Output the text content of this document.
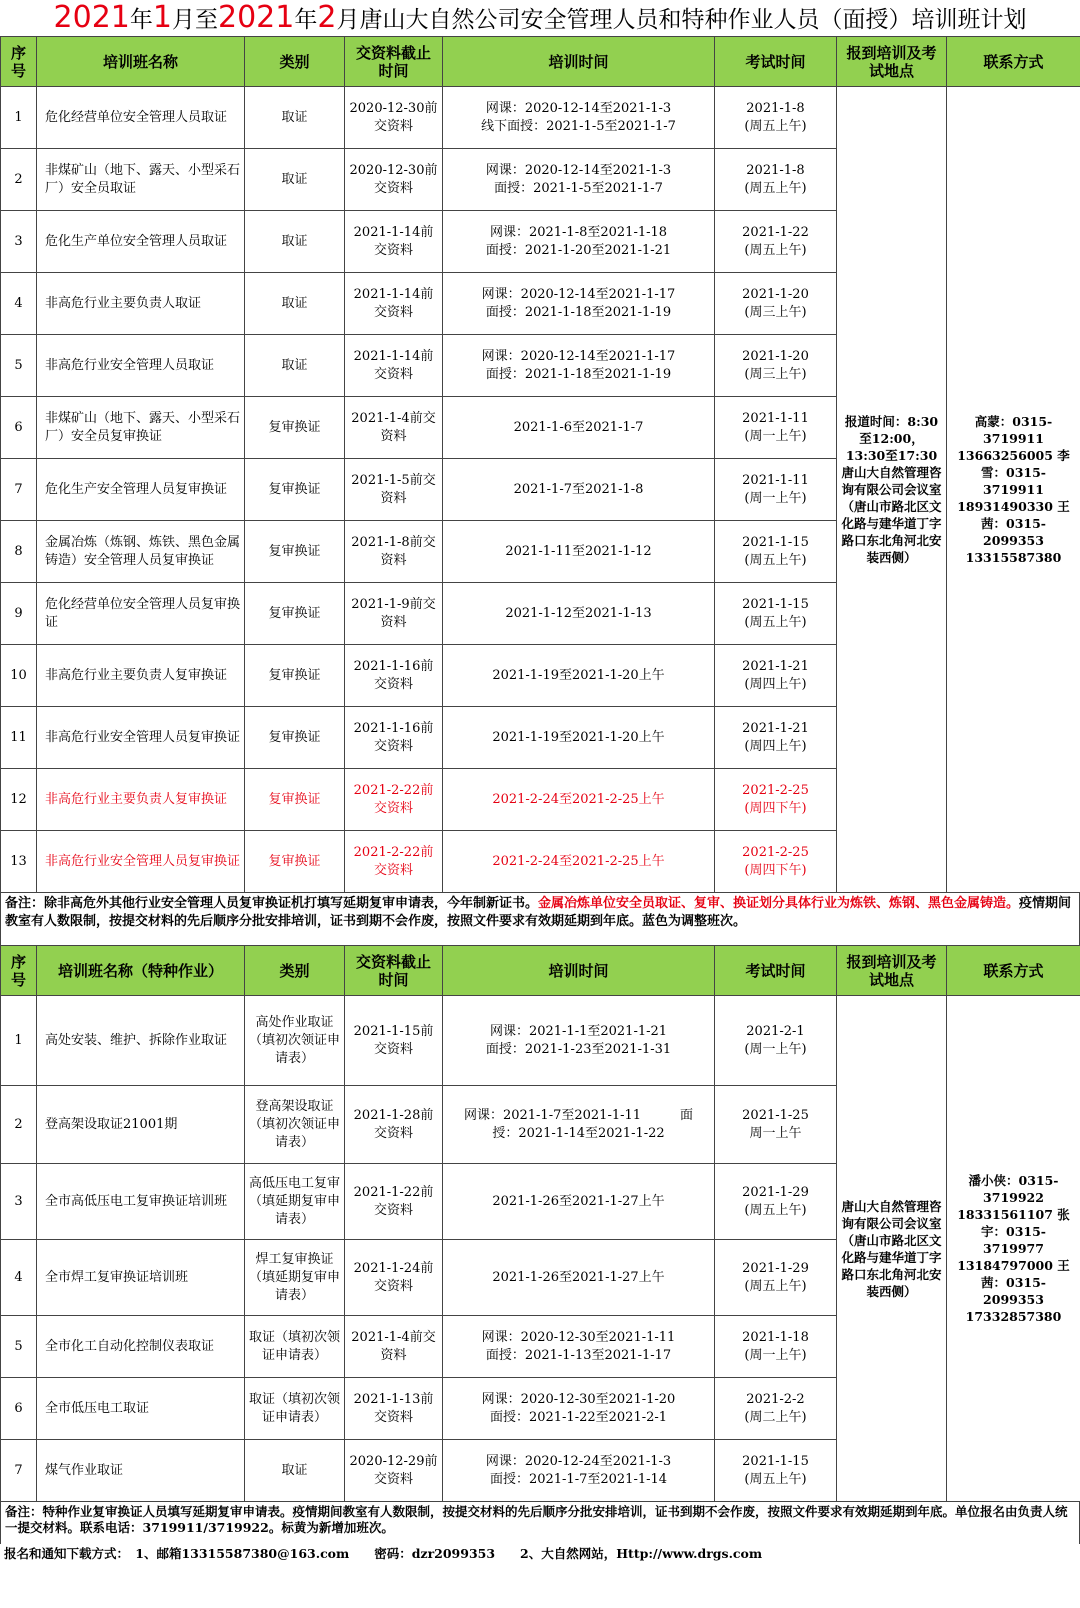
2021年1月至2021年2月唐山大自然公司安全管理人员和特种作业人员（面授）培训班计划
序号	培训班名称	类别	交资料截止时间	培训时间	考试时间	报到培训及考试地点	联系方式
1	危化经营单位安全管理人员取证	取证	2020-12-30前交资料	网课：2020-12-14至2021-1-3
线下面授：2021-1-5至2021-1-7	2021-1-8
(周五上午)	报道时间：8:30至12:00，13:30至17:30 唐山大自然管理咨询有限公司会议室（唐山市路北区文化路与建华道丁字路口东北角河北安装西侧）	高蒙：0315-3719911 13663256005 李雪：0315-3719911 18931490330 王茜：0315-2099353 13315587380
2	非煤矿山（地下、露天、小型采石厂）安全员取证	取证	2020-12-30前交资料	网课：2020-12-14至2021-1-3
面授：2021-1-5至2021-1-7	2021-1-8
(周五上午)		

3	危化生产单位安全管理人员取证	取证	2021-1-14前交资料	网课：2021-1-8至2021-1-18
面授：2021-1-20至2021-1-21	2021-1-22
(周五上午)		

4	非高危行业主要负责人取证	取证	2021-1-14前交资料	网课：2020-12-14至2021-1-17
面授：2021-1-18至2021-1-19	2021-1-20
(周三上午)		

5	非高危行业安全管理人员取证	取证	2021-1-14前交资料	网课：2020-12-14至2021-1-17
面授：2021-1-18至2021-1-19	2021-1-20
(周三上午)		

6	非煤矿山（地下、露天、小型采石厂）安全员复审换证	复审换证	2021-1-4前交资料	2021-1-6至2021-1-7	2021-1-11
(周一上午)		

7	危化生产安全管理人员复审换证	复审换证	2021-1-5前交资料	2021-1-7至2021-1-8	2021-1-11
(周一上午)		

8	金属冶炼（炼钢、炼铁、黑色金属铸造）安全管理人员复审换证	复审换证	2021-1-8前交资料	2021-1-11至2021-1-12	2021-1-15
(周五上午)		

9	危化经营单位安全管理人员复审换证	复审换证	2021-1-9前交资料	2021-1-12至2021-1-13	2021-1-15
(周五上午)		

10	非高危行业主要负责人复审换证	复审换证	2021-1-16前交资料	2021-1-19至2021-1-20上午	2021-1-21
(周四上午)		

11	非高危行业安全管理人员复审换证	复审换证	2021-1-16前交资料	2021-1-19至2021-1-20上午	2021-1-21
(周四上午)		

12	非高危行业主要负责人复审换证	复审换证	2021-2-22前交资料	2021-2-24至2021-2-25上午	2021-2-25
(周四下午)		

13	非高危行业安全管理人员复审换证	复审换证	2021-2-22前交资料	2021-2-24至2021-2-25上午	2021-2-25
(周四下午)		
备注：除非高危外其他行业安全管理人员复审换证机打填写延期复审申请表，今年制新证书。金属冶炼单位安全员取证、复审、换证划分具体行业为炼铁、炼钢、黑色金属铸造。疫情期间教室有人数限制，按提交材料的先后顺序分批安排培训，证书到期不会作废，按照文件要求有效期延期到年底。蓝色为调整班次。
序号	培训班名称（特种作业）	类别	交资料截止时间	培训时间	考试时间	报到培训及考试地点	联系方式
1	高处安装、维护、拆除作业取证	高处作业取证（填初次领证申请表）	2021-1-15前交资料	网课：2021-1-1至2021-1-21
面授：2021-1-23至2021-1-31	2021-2-1
(周一上午)	唐山大自然管理咨询有限公司会议室（唐山市路北区文化路与建华道丁字路口东北角河北安装西侧）	潘小侠：0315-3719922 18331561107 张宇：0315-3719977 13184797000 王茜：0315-2099353 17332857380
2	登高架设取证21001期	登高架设取证（填初次领证申请表）	2021-1-28前交资料	网课：2021-1-7至2021-1-11　　　面
授：2021-1-14至2021-1-22	2021-1-25
周一上午		

3	全市高低压电工复审换证培训班	高低压电工复审（填延期复审申请表）	2021-1-22前交资料	2021-1-26至2021-1-27上午	2021-1-29
(周五上午)		

4	全市焊工复审换证培训班	焊工复审换证（填延期复审申请表）	2021-1-24前交资料	2021-1-26至2021-1-27上午	2021-1-29
(周五上午)		

5	全市化工自动化控制仪表取证	取证（填初次领证申请表）	2021-1-4前交资料	网课：2020-12-30至2021-1-11
面授：2021-1-13至2021-1-17	2021-1-18
(周一上午)		

6	全市低压电工取证	取证（填初次领证申请表）	2021-1-13前交资料	网课：2020-12-30至2021-1-20
面授：2021-1-22至2021-2-1	2021-2-2
(周二上午)		

7	煤气作业取证	取证	2020-12-29前交资料	网课：2020-12-24至2021-1-3
面授：2021-1-7至2021-1-14	2021-1-15
(周五上午)		
备注：特种作业复审换证人员填写延期复审申请表。疫情期间教室有人数限制，按提交材料的先后顺序分批安排培训，证书到期不会作废，按照文件要求有效期延期到年底。单位报名由负责人统一提交材料。联系电话：3719911/3719922。标黄为新增加班次。
报名和通知下载方式：　1、邮箱13315587380@163.com　　密码：dzr2099353　　2、大自然网站，Http://www.drgs.com
